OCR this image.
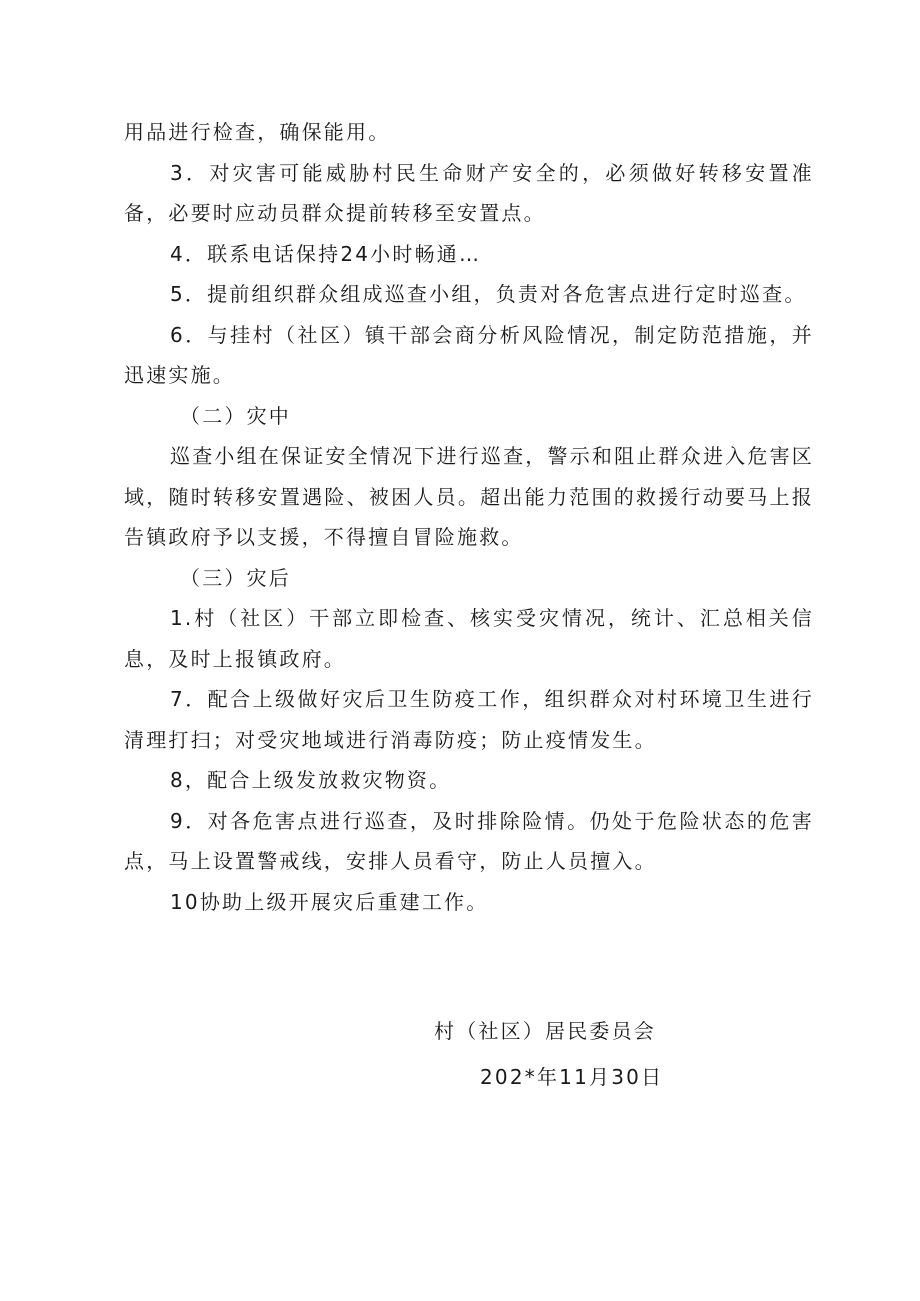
用品进行检查，确保能用。

3．对灾害可能威胁村民生命财产安全的，必须做好转移安置准备，必要时应动员群众提前转移至安置点。

4．联系电话保持24小时畅通…

5．提前组织群众组成巡查小组，负责对各危害点进行定时巡查。

6．与挂村（社区）镇干部会商分析风险情况，制定防范措施，并迅速实施。

（二）灾中

巡查小组在保证安全情况下进行巡查，警示和阻止群众进入危害区域，随时转移安置遇险、被困人员。超出能力范围的救援行动要马上报告镇政府予以支援，不得擅自冒险施救。

（三）灾后

1.村（社区）干部立即检查、核实受灾情况，统计、汇总相关信息，及时上报镇政府。

7．配合上级做好灾后卫生防疫工作，组织群众对村环境卫生进行清理打扫；对受灾地域进行消毒防疫；防止疫情发生。

8，配合上级发放救灾物资。

9．对各危害点进行巡查，及时排除险情。仍处于危险状态的危害点，马上设置警戒线，安排人员看守，防止人员擅入。

10协助上级开展灾后重建工作。

村（社区）居民委员会
202*年11月30日
